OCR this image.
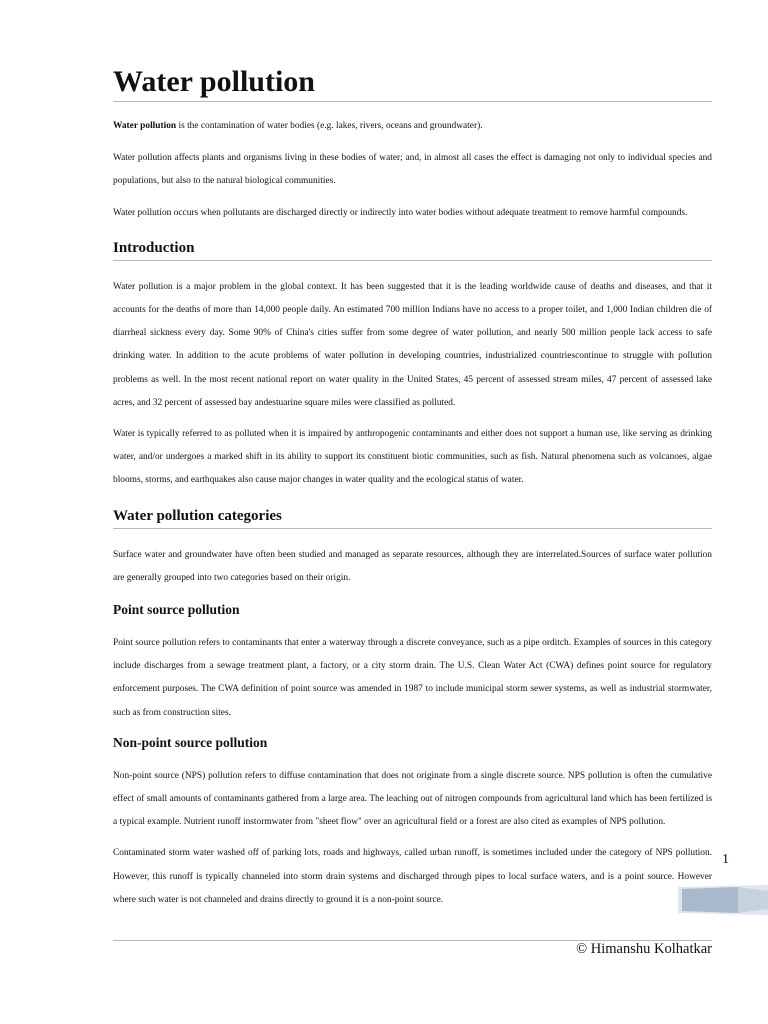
Water pollution

Water pollution is the contamination of water bodies (e.g. lakes, rivers, oceans and groundwater).

Water pollution affects plants and organisms living in these bodies of water; and, in almost all cases the effect is damaging not only to individual species and populations, but also to the natural biological communities.

Water pollution occurs when pollutants are discharged directly or indirectly into water bodies without adequate treatment to remove harmful compounds.

Introduction

Water pollution is a major problem in the global context. It has been suggested that it is the leading worldwide cause of deaths and diseases, and that it accounts for the deaths of more than 14,000 people daily. An estimated 700 million Indians have no access to a proper toilet, and 1,000 Indian children die of diarrheal sickness every day. Some 90% of China's cities suffer from some degree of water pollution, and nearly 500 million people lack access to safe drinking water. In addition to the acute problems of water pollution in developing countries, industrialized countriescontinue to struggle with pollution problems as well. In the most recent national report on water quality in the United States, 45 percent of assessed stream miles, 47 percent of assessed lake acres, and 32 percent of assessed bay andestuarine square miles were classified as polluted.

Water is typically referred to as polluted when it is impaired by anthropogenic contaminants and either does not support a human use, like serving as drinking water, and/or undergoes a marked shift in its ability to support its constituent biotic communities, such as fish. Natural phenomena such as volcanoes, algae blooms, storms, and earthquakes also cause major changes in water quality and the ecological status of water.

Water pollution categories

Surface water and groundwater have often been studied and managed as separate resources, although they are interrelated.Sources of surface water pollution are generally grouped into two categories based on their origin.

Point source pollution

Point source pollution refers to contaminants that enter a waterway through a discrete conveyance, such as a pipe orditch. Examples of sources in this category include discharges from a sewage treatment plant, a factory, or a city storm drain. The U.S. Clean Water Act (CWA) defines point source for regulatory enforcement purposes. The CWA definition of point source was amended in 1987 to include municipal storm sewer systems, as well as industrial stormwater, such as from construction sites.

Non-point source pollution

Non-point source (NPS) pollution refers to diffuse contamination that does not originate from a single discrete source. NPS pollution is often the cumulative effect of small amounts of contaminants gathered from a large area. The leaching out of nitrogen compounds from agricultural land which has been fertilized is a typical example. Nutrient runoff instormwater from "sheet flow" over an agricultural field or a forest are also cited as examples of NPS pollution.

Contaminated storm water washed off of parking lots, roads and highways, called urban runoff, is sometimes included under the category of NPS pollution. However, this runoff is typically channeled into storm drain systems and discharged through pipes to local surface waters, and is a point source. However where such water is not channeled and drains directly to ground it is a non-point source.

1
© Himanshu Kolhatkar
